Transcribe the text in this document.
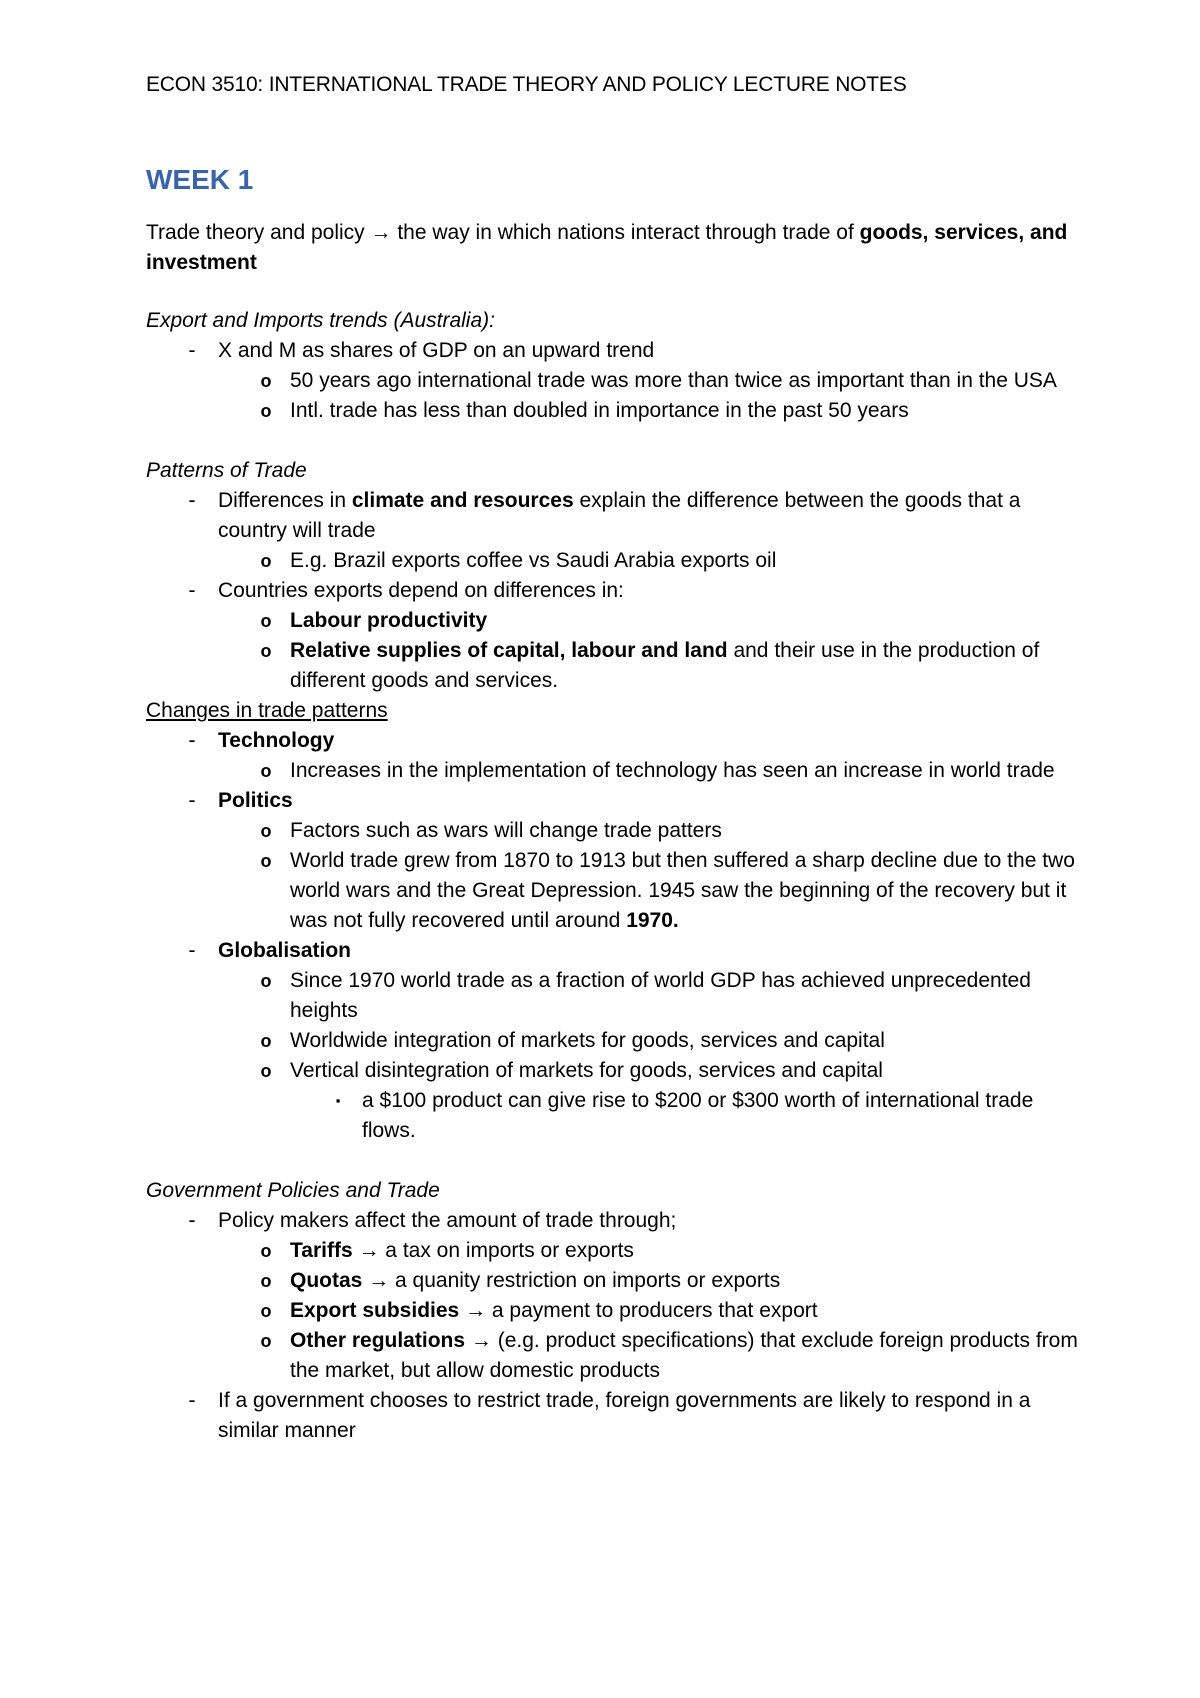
ECON 3510: INTERNATIONAL TRADE THEORY AND POLICY LECTURE NOTES
WEEK 1
Trade theory and policy → the way in which nations interact through trade of goods, services, and investment
Export and Imports trends (Australia):
- X and M as shares of GDP on an upward trend
o 50 years ago international trade was more than twice as important than in the USA
o Intl. trade has less than doubled in importance in the past 50 years
Patterns of Trade
- Differences in climate and resources explain the difference between the goods that a country will trade
o E.g. Brazil exports coffee vs Saudi Arabia exports oil
- Countries exports depend on differences in:
o Labour productivity
o Relative supplies of capital, labour and land and their use in the production of different goods and services.
Changes in trade patterns
- Technology
o Increases in the implementation of technology has seen an increase in world trade
- Politics
o Factors such as wars will change trade patters
o World trade grew from 1870 to 1913 but then suffered a sharp decline due to the two world wars and the Great Depression. 1945 saw the beginning of the recovery but it was not fully recovered until around 1970.
- Globalisation
o Since 1970 world trade as a fraction of world GDP has achieved unprecedented heights
o Worldwide integration of markets for goods, services and capital
o Vertical disintegration of markets for goods, services and capital
▪ a $100 product can give rise to $200 or $300 worth of international trade flows.
Government Policies and Trade
- Policy makers affect the amount of trade through;
o Tariffs → a tax on imports or exports
o Quotas → a quanity restriction on imports or exports
o Export subsidies → a payment to producers that export
o Other regulations → (e.g. product specifications) that exclude foreign products from the market, but allow domestic products
- If a government chooses to restrict trade, foreign governments are likely to respond in a similar manner
